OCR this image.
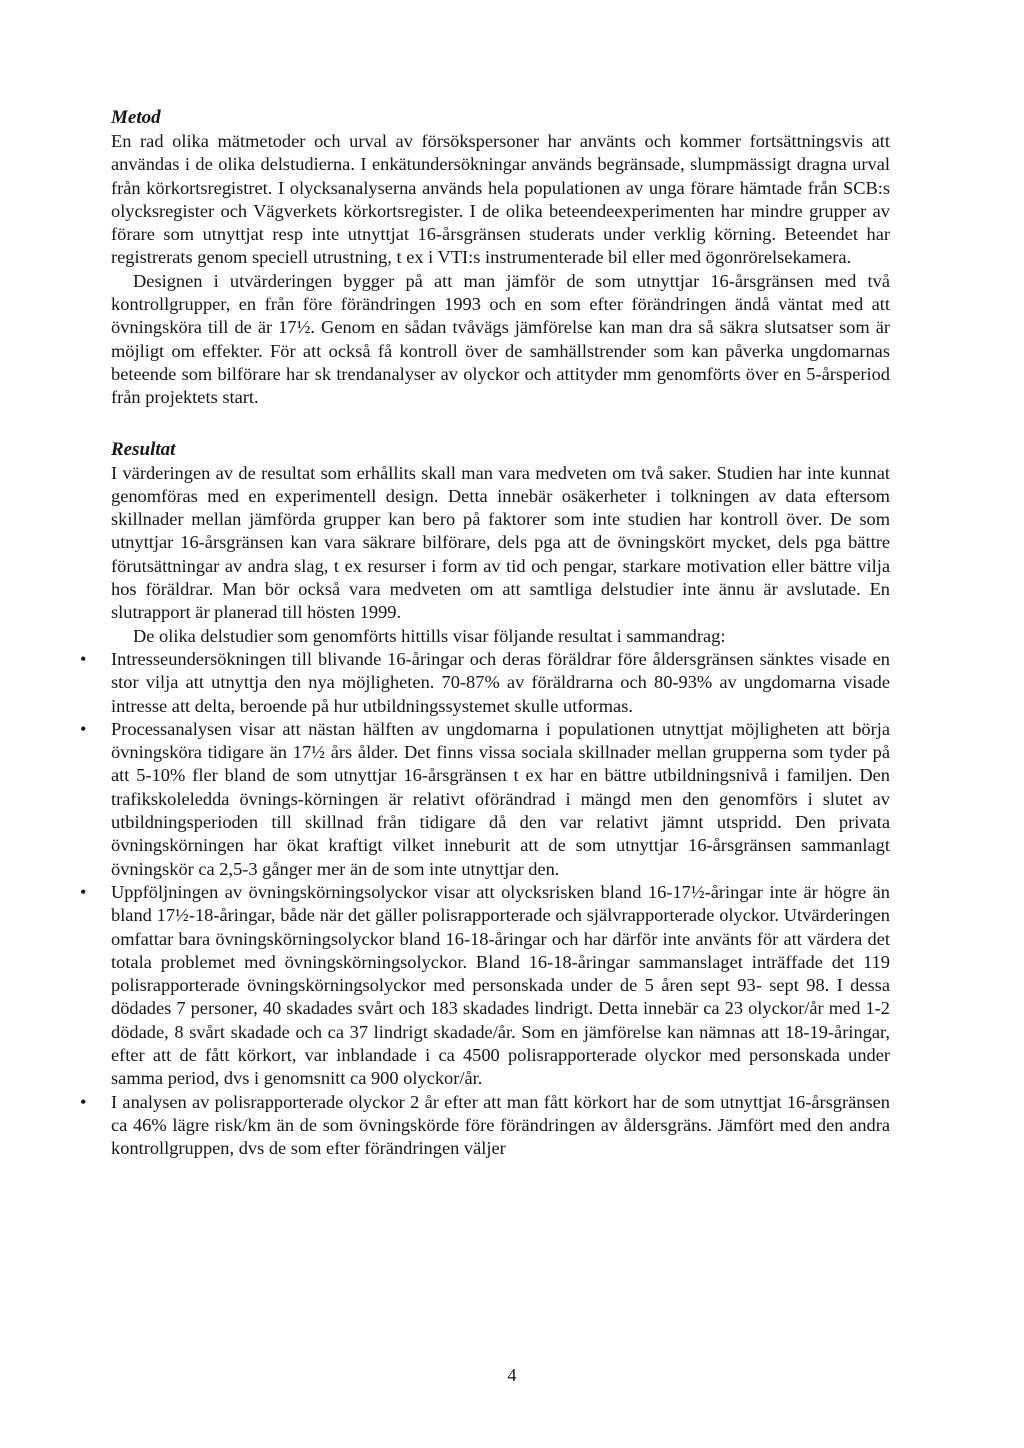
Metod

En rad olika mätmetoder och urval av försökspersoner har använts och kommer fortsättningsvis att användas i de olika delstudierna. I enkätundersökningar används begränsade, slumpmässigt dragna urval från körkortsregistret. I olycksanalyserna används hela populationen av unga förare hämtade från SCB:s olycksregister och Vägverkets körkortsregister. I de olika beteendeexperimenten har mindre grupper av förare som utnyttjat resp inte utnyttjat 16-årsgränsen studerats under verklig körning. Beteendet har registrerats genom speciell utrustning, t ex i VTI:s instrumenterade bil eller med ögonrörelsekamera.

Designen i utvärderingen bygger på att man jämför de som utnyttjar 16-årsgränsen med två kontrollgrupper, en från före förändringen 1993 och en som efter förändringen ändå väntat med att övningsköra till de är 17½. Genom en sådan tvåvägs jämförelse kan man dra så säkra slutsatser som är möjligt om effekter. För att också få kontroll över de samhällstrender som kan påverka ungdomarnas beteende som bilförare har sk trendanalyser av olyckor och attityder mm genomförts över en 5-årsperiod från projektets start.

Resultat

I värderingen av de resultat som erhållits skall man vara medveten om två saker. Studien har inte kunnat genomföras med en experimentell design. Detta innebär osäkerheter i tolkningen av data eftersom skillnader mellan jämförda grupper kan bero på faktorer som inte studien har kontroll över. De som utnyttjar 16-årsgränsen kan vara säkrare bilförare, dels pga att de övningskört mycket, dels pga bättre förutsättningar av andra slag, t ex resurser i form av tid och pengar, starkare motivation eller bättre vilja hos föräldrar. Man bör också vara medveten om att samtliga delstudier inte ännu är avslutade. En slutrapport är planerad till hösten 1999.

De olika delstudier som genomförts hittills visar följande resultat i sammandrag:

• Intresseundersökningen till blivande 16-åringar och deras föräldrar före åldersgränsen sänktes visade en stor vilja att utnyttja den nya möjligheten. 70-87% av föräldrarna och 80-93% av ungdomarna visade intresse att delta, beroende på hur utbildningssystemet skulle utformas.
• Processanalysen visar att nästan hälften av ungdomarna i populationen utnyttjat möjligheten att börja övningsköra tidigare än 17½ års ålder. Det finns vissa sociala skillnader mellan grupperna som tyder på att 5-10% fler bland de som utnyttjar 16-årsgränsen t ex har en bättre utbildningsnivå i familjen. Den trafikskoleledda övnings-körningen är relativt oförändrad i mängd men den genomförs i slutet av utbildningsperioden till skillnad från tidigare då den var relativt jämnt utspridd. Den privata övningskörningen har ökat kraftigt vilket inneburit att de som utnyttjar 16-årsgränsen sammanlagt övningskör ca 2,5-3 gånger mer än de som inte utnyttjar den.
• Uppföljningen av övningskörningsolyckor visar att olycksrisken bland 16-17½-åringar inte är högre än bland 17½-18-åringar, både när det gäller polisrapporterade och självrapporterade olyckor. Utvärderingen omfattar bara övningskörningsolyckor bland 16-18-åringar och har därför inte använts för att värdera det totala problemet med övningskörningsolyckor. Bland 16-18-åringar sammanslaget inträffade det 119 polisrapporterade övningskörningsolyckor med personskada under de 5 åren sept 93- sept 98. I dessa dödades 7 personer, 40 skadades svårt och 183 skadades lindrigt. Detta innebär ca 23 olyckor/år med 1-2 dödade, 8 svårt skadade och ca 37 lindrigt skadade/år. Som en jämförelse kan nämnas att 18-19-åringar, efter att de fått körkort, var inblandade i ca 4500 polisrapporterade olyckor med personskada under samma period, dvs i genomsnitt ca 900 olyckor/år.
• I analysen av polisrapporterade olyckor 2 år efter att man fått körkort har de som utnyttjat 16-årsgränsen ca 46% lägre risk/km än de som övningskörde före förändringen av åldersgräns. Jämfört med den andra kontrollgruppen, dvs de som efter förändringen väljer
4
